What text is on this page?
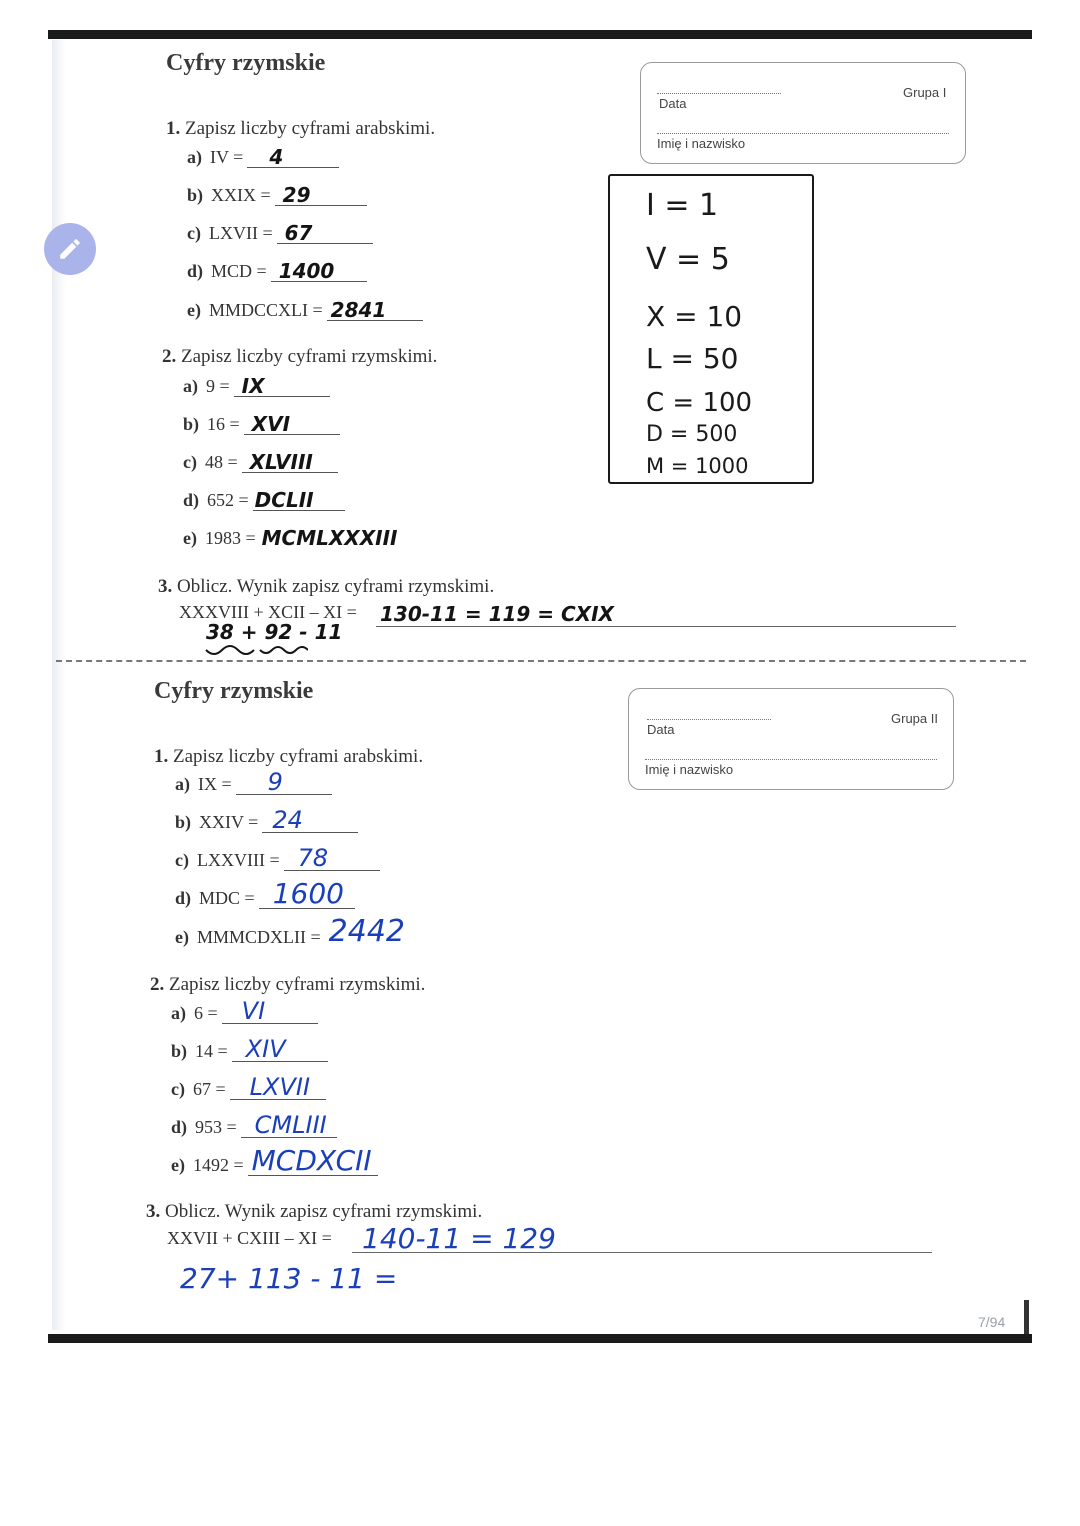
Cyfry rzymskie
Data
Grupa I
Imię i nazwisko
1. Zapisz liczby cyframi arabskimi.
a) IV = 4
b) XXIX = 29
c) LXVII = 67
d) MCD = 1400
e) MMDCCXLI = 2841
2. Zapisz liczby cyframi rzymskimi.
a) 9 = IX
b) 16 = XVI
c) 48 = XLVIII
d) 652 = DCLII
e) 1983 = MCMLXXXIII
3. Oblicz. Wynik zapisz cyframi rzymskimi.
XXXVIII + XCII – XI = 130-11 = 119 = CXIX
38 + 92 - 11
I = 1
V = 5
X = 10
L = 50
C = 100
D = 500
M = 1000
Cyfry rzymskie
Data
Grupa II
Imię i nazwisko
1. Zapisz liczby cyframi arabskimi.
a) IX = 9
b) XXIV = 24
c) LXXVIII = 78
d) MDC = 1600
e) MMMCDXLII = 2442
2. Zapisz liczby cyframi rzymskimi.
a) 6 = VI
b) 14 = XIV
c) 67 = LXVII
d) 953 = CMLIII
e) 1492 = MCDXCII
3. Oblicz. Wynik zapisz cyframi rzymskimi.
XXVII + CXIII – XI = 140-11 = 129
27+ 113 - 11 =
7/94
